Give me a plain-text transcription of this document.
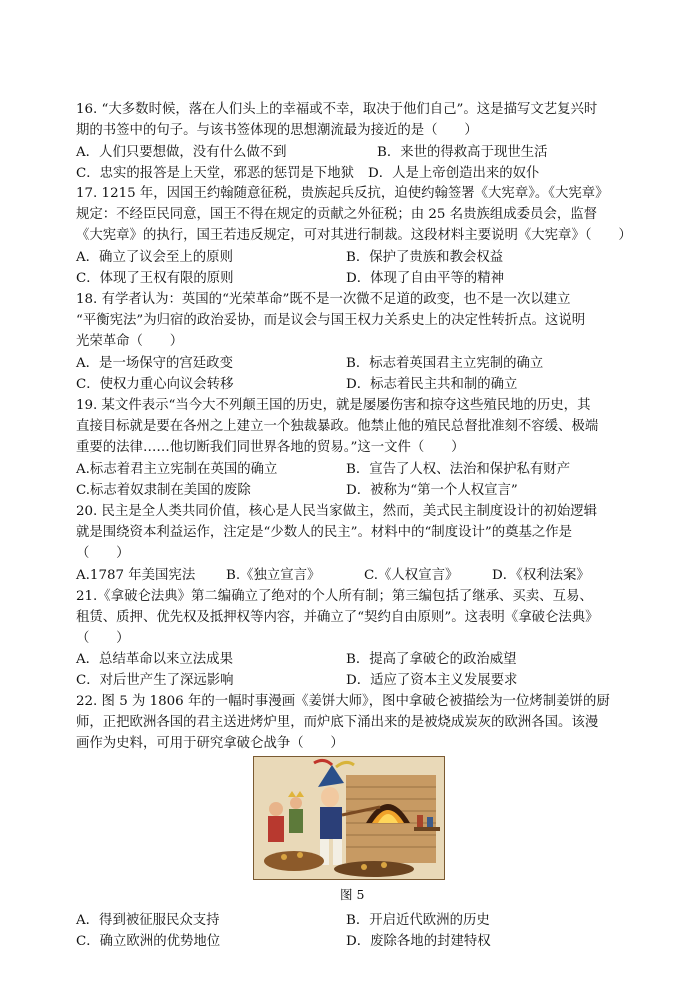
16. “大多数时候，落在人们头上的幸福或不幸，取决于他们自己”。这是描写文艺复兴时
期的书签中的句子。与该书签体现的思想潮流最为接近的是（　　）
A．人们只要想做，没有什么做不到	B．来世的得救高于现世生活
C．忠实的报答是上天堂，邪恶的惩罚是下地狱 D．人是上帝创造出来的奴仆
17. 1215 年，因国王约翰随意征税，贵族起兵反抗，迫使约翰签署《大宪章》。《大宪章》
规定：不经臣民同意，国王不得在规定的贡献之外征税；由 25 名贵族组成委员会，监督
《大宪章》的执行，国王若违反规定，可对其进行制裁。这段材料主要说明《大宪章》（　　）
A．确立了议会至上的原则	B．保护了贵族和教会权益
C．体现了王权有限的原则	D．体现了自由平等的精神
18. 有学者认为：英国的“光荣革命”既不是一次微不足道的政变，也不是一次以建立
“平衡宪法”为归宿的政治妥协，而是议会与国王权力关系史上的决定性转折点。这说明
光荣革命（　　）
A．是一场保守的宫廷政变	B．标志着英国君主立宪制的确立
C．使权力重心向议会转移	D．标志着民主共和制的确立
19. 某文件表示“当今大不列颠王国的历史，就是屡屡伤害和掠夺这些殖民地的历史，其
直接目标就是要在各州之上建立一个独裁暴政。他禁止他的殖民总督批准刻不容缓、极端
重要的法律……他切断我们同世界各地的贸易。”这一文件（　　）
A.标志着君主立宪制在英国的确立	B．宣告了人权、法治和保护私有财产
C.标志着奴隶制在美国的废除	D．被称为“第一个人权宣言”
20. 民主是全人类共同价值，核心是人民当家做主，然而，美式民主制度设计的初始逻辑
就是围绕资本利益运作，注定是“少数人的民主”。材料中的“制度设计”的奠基之作是
（　　）
A.1787 年美国宪法 B.《独立宣言》	C.《人权宣言》	D．《权利法案》
21.《拿破仑法典》第二编确立了绝对的个人所有制；第三编包括了继承、买卖、互易、
租赁、质押、优先权及抵押权等内容，并确立了“契约自由原则”。这表明《拿破仑法典》
（　　）
A．总结革命以来立法成果	B．提高了拿破仑的政治威望
C．对后世产生了深远影响	D．适应了资本主义发展要求
22. 图 5 为 1806 年的一幅时事漫画《姜饼大师》，图中拿破仑被描绘为一位烤制姜饼的厨
师，正把欧洲各国的君主送进烤炉里，而炉底下涌出来的是被烧成炭灰的欧洲各国。该漫
画作为史料，可用于研究拿破仑战争（　　）
图 5
A．得到被征服民众支持	B．开启近代欧洲的历史
C．确立欧洲的优势地位	D．废除各地的封建特权
